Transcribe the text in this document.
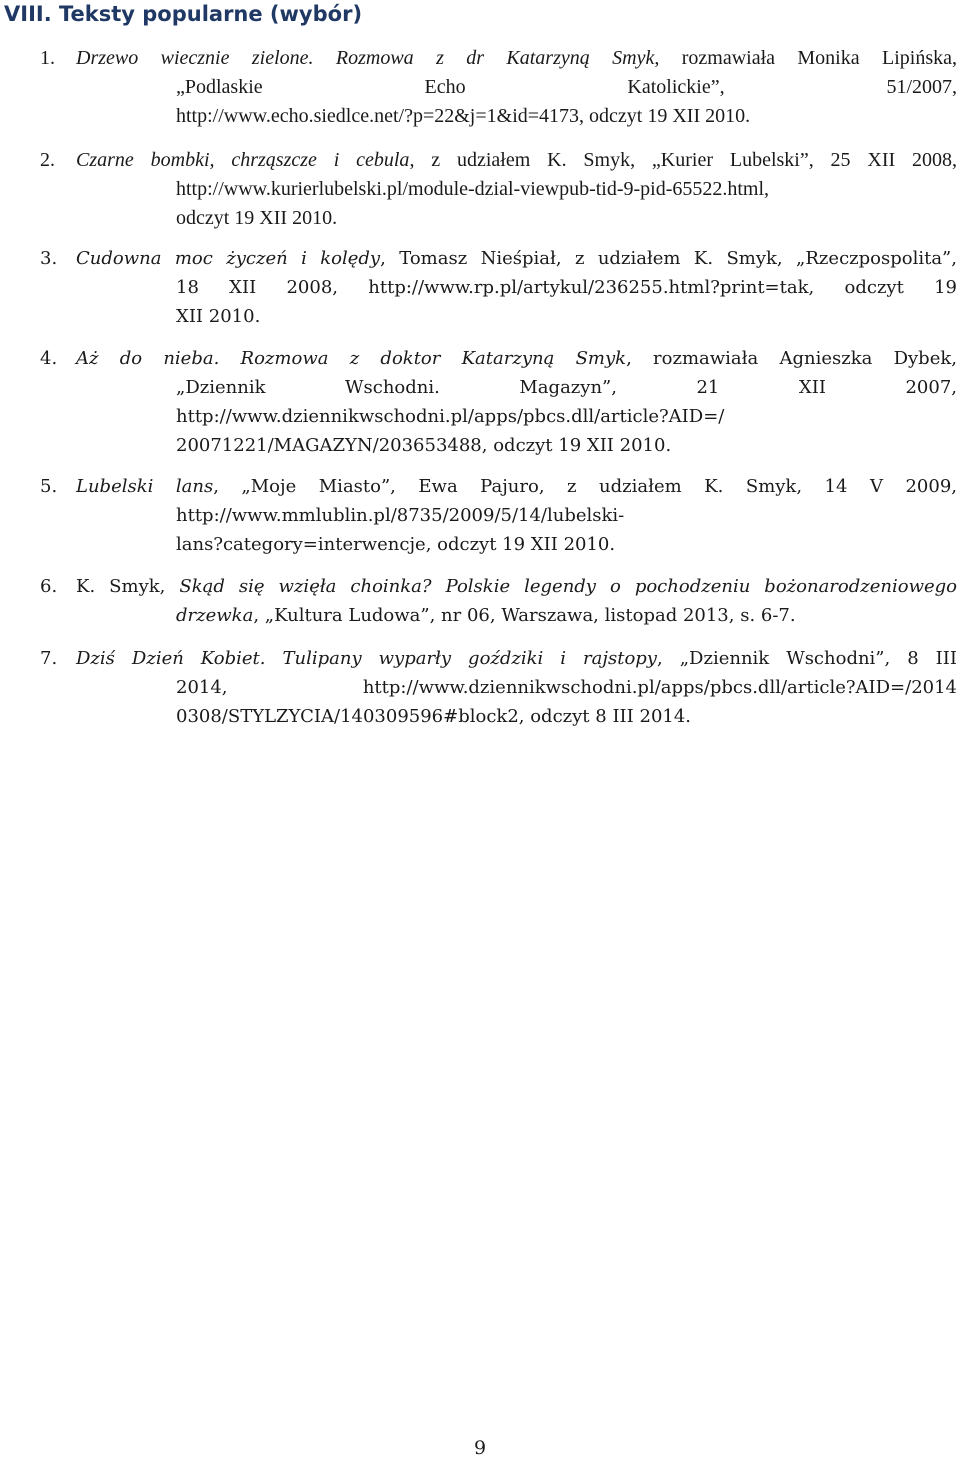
VIII. Teksty popularne (wybór)
1.	Drzewo wiecznie zielone. Rozmowa z dr Katarzyną Smyk, rozmawiała Monika Lipińska,
„Podlaskie Echo Katolickie”, 51/2007,
http://www.echo.siedlce.net/?p=22&j=1&id=4173, odczyt 19 XII 2010.
2.	Czarne bombki, chrząszcze i cebula, z udziałem K. Smyk, „Kurier Lubelski”, 25 XII 2008,
http://www.kurierlubelski.pl/module-dzial-viewpub-tid-9-pid-65522.html,
odczyt 19 XII 2010.
3.	Cudowna moc życzeń i kolędy, Tomasz Nieśpiał, z udziałem K. Smyk, „Rzeczpospolita”,
18 XII 2008, http://www.rp.pl/artykul/236255.html?print=tak, odczyt 19
XII 2010.
4.	Aż do nieba. Rozmowa z doktor Katarzyną Smyk, rozmawiała Agnieszka Dybek,
„Dziennik Wschodni. Magazyn”, 21 XII 2007,
http://www.dziennikwschodni.pl/apps/pbcs.dll/article?AID=/
20071221/MAGAZYN/203653488, odczyt 19 XII 2010.
5.	Lubelski lans, „Moje Miasto”, Ewa Pajuro, z udziałem K. Smyk, 14 V 2009,
http://www.mmlublin.pl/8735/2009/5/14/lubelski-
lans?category=interwencje, odczyt 19 XII 2010.
6.	K. Smyk, Skąd się wzięła choinka? Polskie legendy o pochodzeniu bożonarodzeniowego
drzewka, „Kultura Ludowa”, nr 06, Warszawa, listopad 2013, s. 6-7.
7.	Dziś Dzień Kobiet. Tulipany wyparły goździki i rajstopy, „Dziennik Wschodni”, 8 III
2014, http://www.dziennikwschodni.pl/apps/pbcs.dll/article?AID=/2014
0308/STYLZYCIA/140309596#block2, odczyt 8 III 2014.
9
